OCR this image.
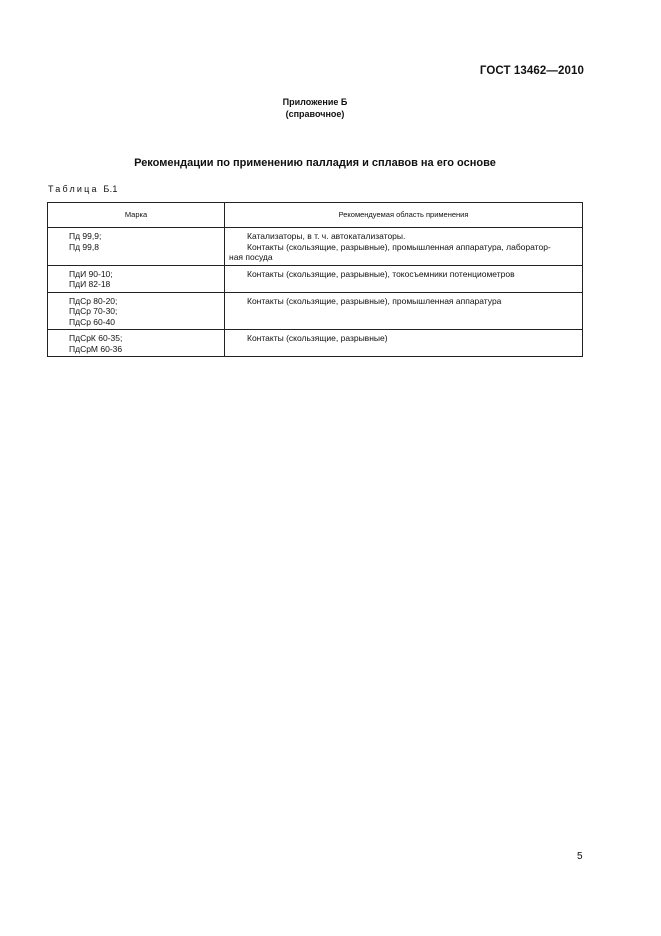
ГОСТ 13462—2010
Приложение Б
(справочное)
Рекомендации по применению палладия и сплавов на его основе
Таблица Б.1
Марка	Рекомендуемая область применения

Пд 99,9;
Пд 99,8	Катализаторы, в т. ч. автокатализаторы.
Контакты (скользящие, разрывные), промышленная аппаратура, лаборатор-
ная посуда

ПдИ 90-10;
ПдИ 82-18	Контакты (скользящие, разрывные), токосъемники потенциометров

ПдСр 80-20;
ПдСр 70-30;
ПдСр 60-40	Контакты (скользящие, разрывные), промышленная аппаратура

ПдСрК 60-35;
ПдСрМ 60-36	Контакты (скользящие, разрывные)
5
